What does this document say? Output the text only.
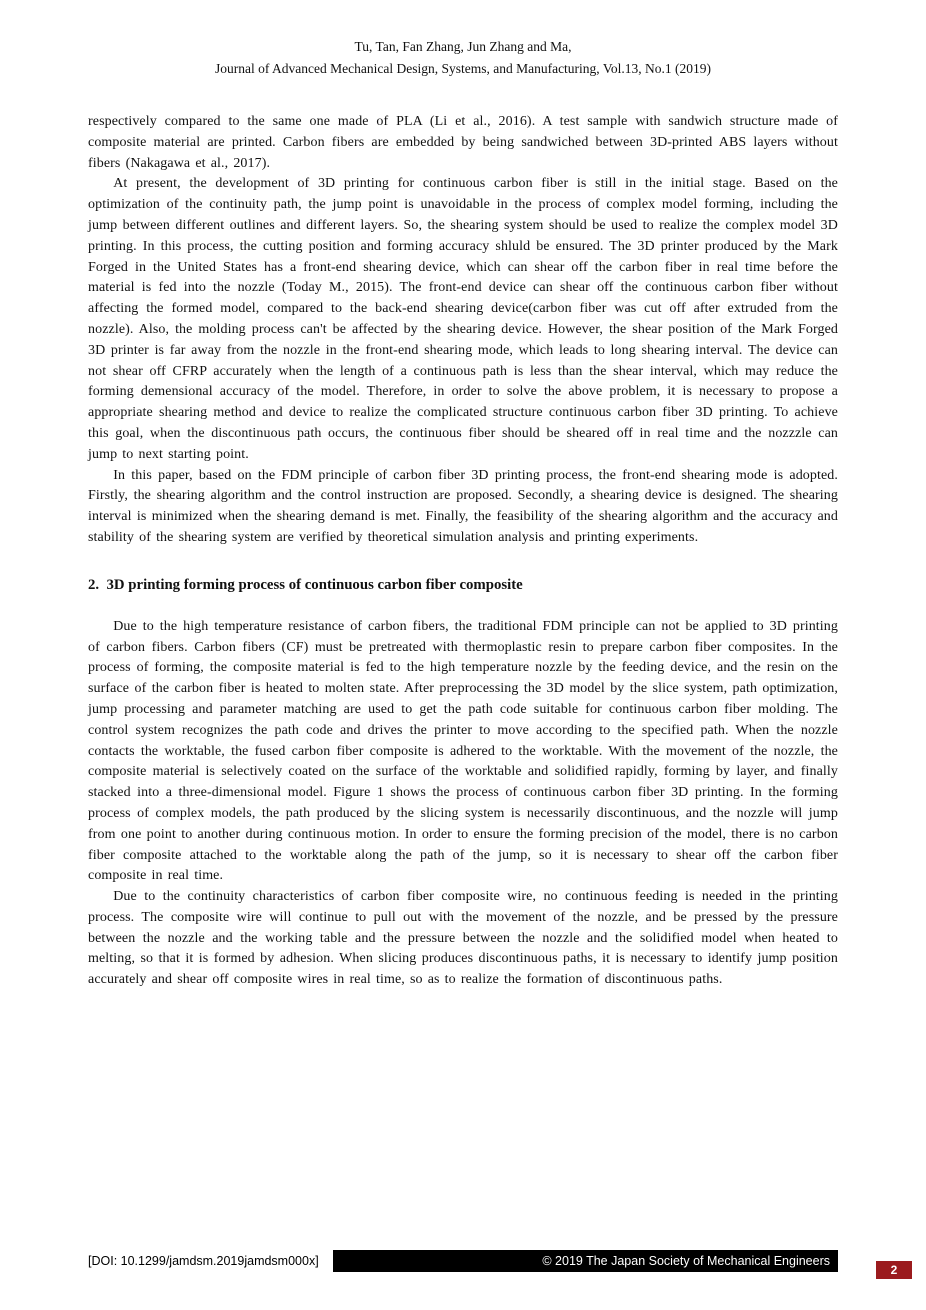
Tu, Tan, Fan Zhang, Jun Zhang and Ma,
Journal of Advanced Mechanical Design, Systems, and Manufacturing, Vol.13, No.1 (2019)

respectively compared to the same one made of PLA (Li et al., 2016). A test sample with sandwich structure made of composite material are printed. Carbon fibers are embedded by being sandwiched between 3D-printed ABS layers without fibers (Nakagawa et al., 2017).

At present, the development of 3D printing for continuous carbon fiber is still in the initial stage. Based on the optimization of the continuity path, the jump point is unavoidable in the process of complex model forming, including the jump between different outlines and different layers. So, the shearing system should be used to realize the complex model 3D printing. In this process, the cutting position and forming accuracy shluld be ensured. The 3D printer produced by the Mark Forged in the United States has a front-end shearing device, which can shear off the carbon fiber in real time before the material is fed into the nozzle (Today M., 2015). The front-end device can shear off the continuous carbon fiber without affecting the formed model, compared to the back-end shearing device(carbon fiber was cut off after extruded from the nozzle). Also, the molding process can't be affected by the shearing device. However, the shear position of the Mark Forged 3D printer is far away from the nozzle in the front-end shearing mode, which leads to long shearing interval. The device can not shear off CFRP accurately when the length of a continuous path is less than the shear interval, which may reduce the forming demensional accuracy of the model. Therefore, in order to solve the above problem, it is necessary to propose a appropriate shearing method and device to realize the complicated structure continuous carbon fiber 3D printing. To achieve this goal, when the discontinuous path occurs, the continuous fiber should be sheared off in real time and the nozzzle can jump to next starting point.

In this paper, based on the FDM principle of carbon fiber 3D printing process, the front-end shearing mode is adopted. Firstly, the shearing algorithm and the control instruction are proposed. Secondly, a shearing device is designed. The shearing interval is minimized when the shearing demand is met. Finally, the feasibility of the shearing algorithm and the accuracy and stability of the shearing system are verified by theoretical simulation analysis and printing experiments.

2.  3D printing forming process of continuous carbon fiber composite

Due to the high temperature resistance of carbon fibers, the traditional FDM principle can not be applied to 3D printing of carbon fibers. Carbon fibers (CF) must be pretreated with thermoplastic resin to prepare carbon fiber composites. In the process of forming, the composite material is fed to the high temperature nozzle by the feeding device, and the resin on the surface of the carbon fiber is heated to molten state. After preprocessing the 3D model by the slice system, path optimization, jump processing and parameter matching are used to get the path code suitable for continuous carbon fiber molding. The control system recognizes the path code and drives the printer to move according to the specified path. When the nozzle contacts the worktable, the fused carbon fiber composite is adhered to the worktable. With the movement of the nozzle, the composite material is selectively coated on the surface of the worktable and solidified rapidly, forming by layer, and finally stacked into a three-dimensional model. Figure 1 shows the process of continuous carbon fiber 3D printing. In the forming process of complex models, the path produced by the slicing system is necessarily discontinuous, and the nozzle will jump from one point to another during continuous motion. In order to ensure the forming precision of the model, there is no carbon fiber composite attached to the worktable along the path of the jump, so it is necessary to shear off the carbon fiber composite in real time.

Due to the continuity characteristics of carbon fiber composite wire, no continuous feeding is needed in the printing process. The composite wire will continue to pull out with the movement of the nozzle, and be pressed by the pressure between the nozzle and the working table and the pressure between the nozzle and the solidified model when heated to melting, so that it is formed by adhesion. When slicing produces discontinuous paths, it is necessary to identify jump position accurately and shear off composite wires in real time, so as to realize the formation of discontinuous paths.

[DOI: 10.1299/jamdsm.2019jamdsm000x]	© 2019 The Japan Society of Mechanical Engineers
2
